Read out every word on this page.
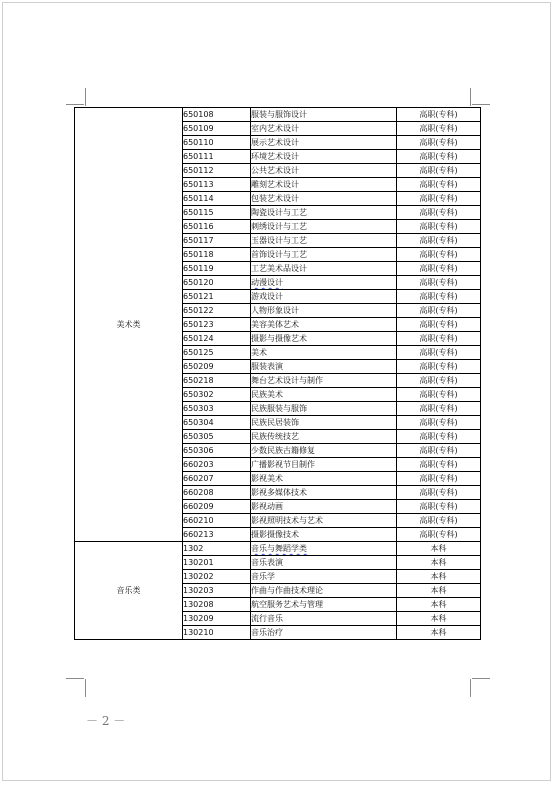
美术类	650108	服装与服饰设计	高职(专科)
	650109	室内艺术设计	高职(专科)
	650110	展示艺术设计	高职(专科)
	650111	环境艺术设计	高职(专科)
	650112	公共艺术设计	高职(专科)
	650113	雕刻艺术设计	高职(专科)
	650114	包装艺术设计	高职(专科)
	650115	陶瓷设计与工艺	高职(专科)
	650116	刺绣设计与工艺	高职(专科)
	650117	玉器设计与工艺	高职(专科)
	650118	首饰设计与工艺	高职(专科)
	650119	工艺美术品设计	高职(专科)
	650120	动漫设计	高职(专科)
	650121	游戏设计	高职(专科)
	650122	人物形象设计	高职(专科)
	650123	美容美体艺术	高职(专科)
	650124	摄影与摄像艺术	高职(专科)
	650125	美术	高职(专科)
	650209	服装表演	高职(专科)
	650218	舞台艺术设计与制作	高职(专科)
	650302	民族美术	高职(专科)
	650303	民族服装与服饰	高职(专科)
	650304	民族民居装饰	高职(专科)
	650305	民族传统技艺	高职(专科)
	650306	少数民族古籍修复	高职(专科)
	660203	广播影视节目制作	高职(专科)
	660207	影视美术	高职(专科)
	660208	影视多媒体技术	高职(专科)
	660209	影视动画	高职(专科)
	660210	影视照明技术与艺术	高职(专科)
	660213	摄影摄像技术	高职(专科)
音乐类	1302	音乐与舞蹈学类	本科
	130201	音乐表演	本科
	130202	音乐学	本科
	130203	作曲与作曲技术理论	本科
	130208	航空服务艺术与管理	本科
	130209	流行音乐	本科
	130210	音乐治疗	本科
－ 2 －
